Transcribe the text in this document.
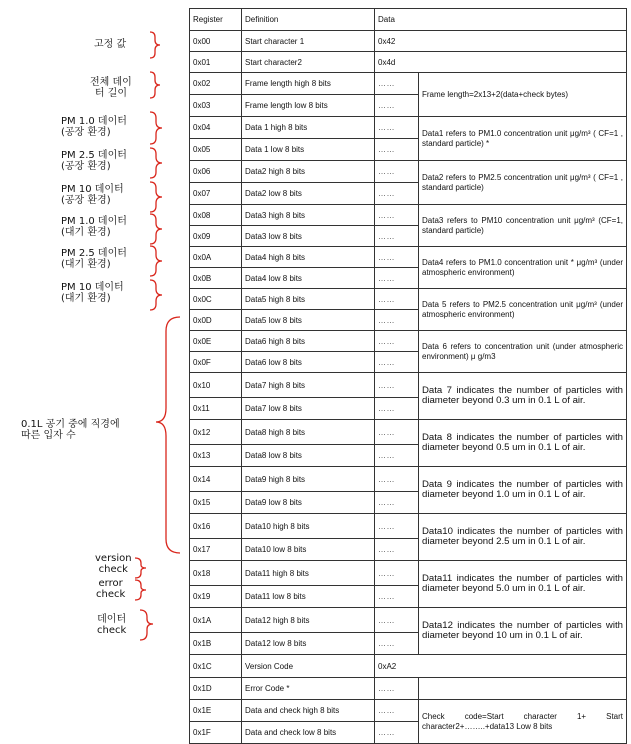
고정 값
전체 데이
터 길이
PM 1.0 데이터
(공장 환경)
PM 2.5 데이터
(공장 환경)
PM 10 데이터
(공장 환경)
PM 1.0 데이터
(대기 환경)
PM 2.5 데이터
(대기 환경)
PM 10 데이터
(대기 환경)
0.1L 공기 중에 직경에
따른 입자 수
version
check
error
check
데이터
check
Register	Definition	Data	
0x00	Start character 1	0x42	
0x01	Start character2	0x4d	
0x02	Frame length high 8 bits	……	Frame length=2x13+2(data+check bytes)
0x03	Frame length low 8 bits	……	
0x04	Data 1 high 8 bits	……	Data1 refers to PM1.0 concentration unit μg/m³ ( CF=1 , standard particle) *
0x05	Data 1 low 8 bits	……	
0x06	Data2 high 8 bits	……	Data2 refers to PM2.5 concentration unit μg/m³ ( CF=1 , standard particle)
0x07	Data2 low 8 bits	……	
0x08	Data3 high 8 bits	……	Data3 refers to PM10 concentration unit μg/m³ (CF=1, standard particle)
0x09	Data3 low 8 bits	……	
0x0A	Data4 high 8 bits	……	Data4 refers to PM1.0 concentration unit * μg/m³ (under atmospheric environment)
0x0B	Data4 low 8 bits	……	
0x0C	Data5 high 8 bits	……	Data 5 refers to PM2.5 concentration unit μg/m³ (under atmospheric environment)
0x0D	Data5 low 8 bits	……	
0x0E	Data6 high 8 bits	……	Data 6 refers to concentration unit (under atmospheric environment) μ g/m3
0x0F	Data6 low 8 bits	……	
0x10	Data7 high 8 bits	……	Data 7 indicates the number of particles with diameter beyond 0.3 um in 0.1 L of air.
0x11	Data7 low 8 bits	……	
0x12	Data8 high 8 bits	……	Data 8 indicates the number of particles with diameter beyond 0.5 um in 0.1 L of air.
0x13	Data8 low 8 bits	……	
0x14	Data9 high 8 bits	……	Data 9 indicates the number of particles with diameter beyond 1.0 um in 0.1 L of air.
0x15	Data9 low 8 bits	……	
0x16	Data10 high 8 bits	……	Data10 indicates the number of particles with diameter beyond 2.5 um in 0.1 L of air.
0x17	Data10 low 8 bits	……	
0x18	Data11 high 8 bits	……	Data11 indicates the number of particles with diameter beyond 5.0 um in 0.1 L of air.
0x19	Data11 low 8 bits	……	
0x1A	Data12 high 8 bits	……	Data12 indicates the number of particles with diameter beyond 10 um in 0.1 L of air.
0x1B	Data12 low 8 bits	……	
0x1C	Version Code	0xA2	
0x1D	Error Code *	……	
0x1E	Data and check high 8 bits	……	Check code=Start character 1+ Start character2+……..+data13 Low 8 bits
0x1F	Data and check low 8 bits	……	
